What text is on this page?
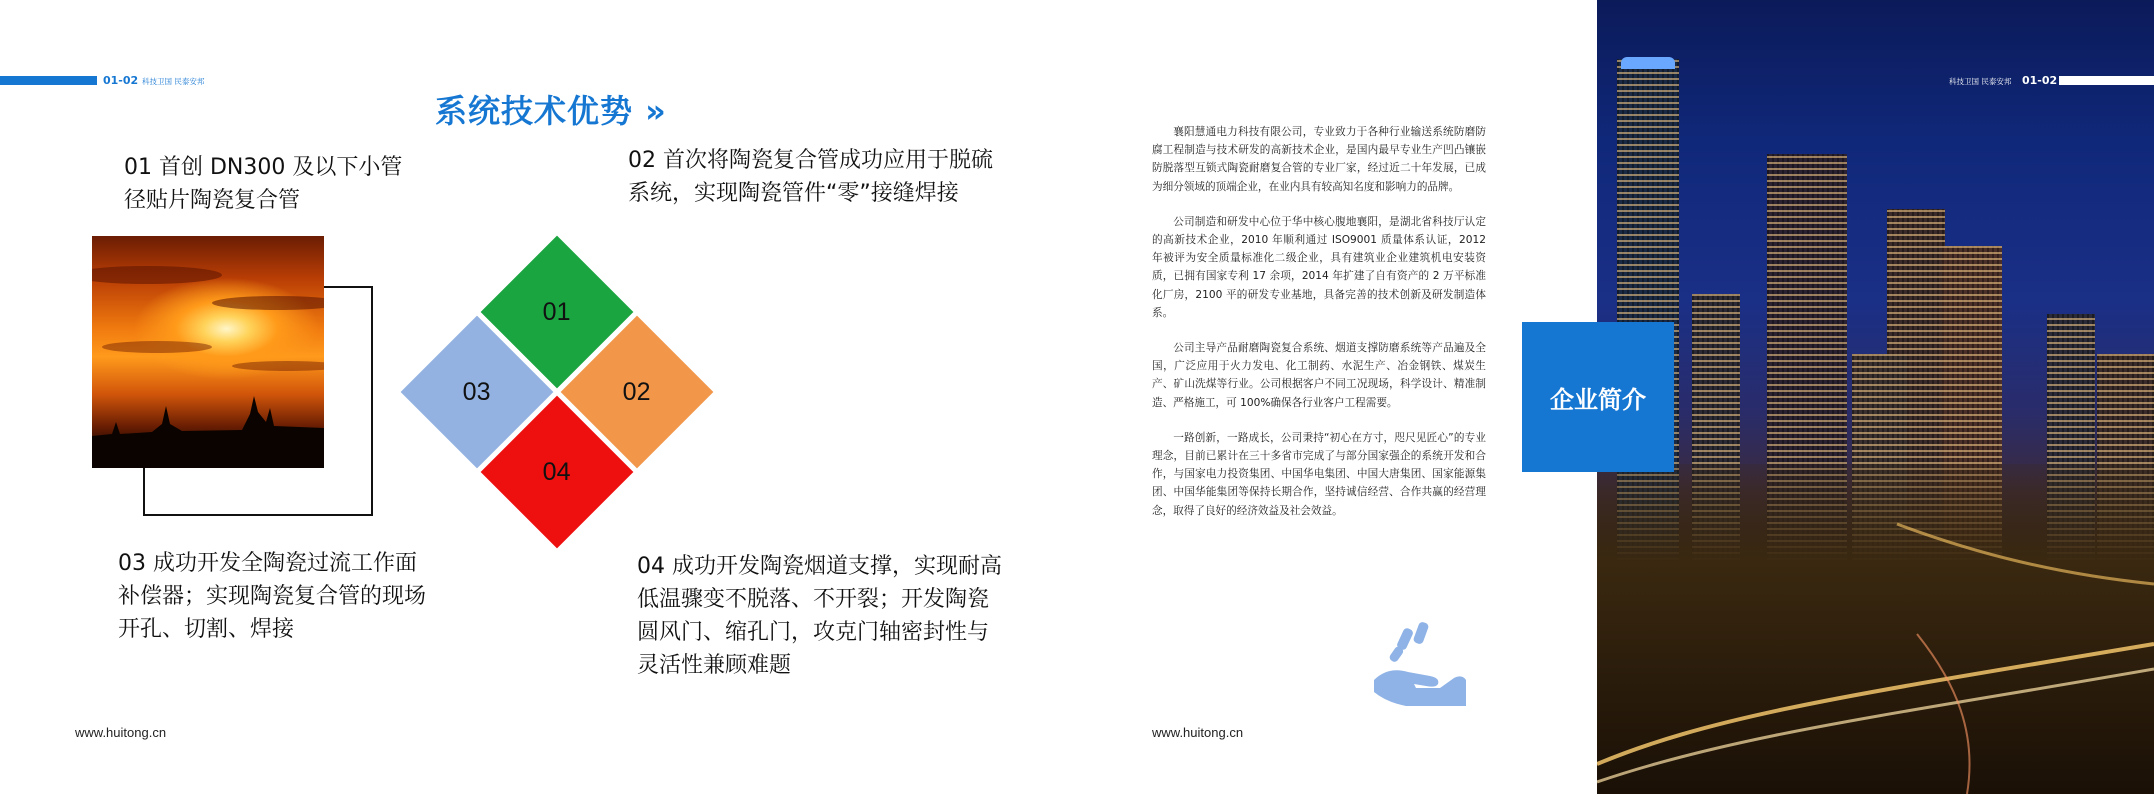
01-02 科技卫国 民泰安邦
系统技术优势 »
01 首创 DN300 及以下小管径贴片陶瓷复合管
02 首次将陶瓷复合管成功应用于脱硫系统，实现陶瓷管件“零”接缝焊接
03 成功开发全陶瓷过流工作面补偿器；实现陶瓷复合管的现场开孔、切割、焊接
04 成功开发陶瓷烟道支撑，实现耐高低温骤变不脱落、不开裂；开发陶瓷圆风门、缩孔门，攻克门轴密封性与灵活性兼顾难题
01
02
03
04
www.huitong.cn	www.huitong.cn

襄阳慧通电力科技有限公司，专业致力于各种行业输送系统防磨防腐工程制造与技术研发的高新技术企业，是国内最早专业生产凹凸镶嵌防脱落型互锁式陶瓷耐磨复合管的专业厂家，经过近二十年发展，已成为细分领域的顶端企业，在业内具有较高知名度和影响力的品牌。

公司制造和研发中心位于华中核心腹地襄阳，是湖北省科技厅认定的高新技术企业，2010 年顺利通过 ISO9001 质量体系认证，2012 年被评为安全质量标准化二级企业，具有建筑业企业建筑机电安装资质，已拥有国家专利 17 余项，2014 年扩建了自有资产的 2 万平标准化厂房，2100 平的研发专业基地，具备完善的技术创新及研发制造体系。

公司主导产品耐磨陶瓷复合系统、烟道支撑防磨系统等产品遍及全国，广泛应用于火力发电、化工制药、水泥生产、冶金钢铁、煤炭生产、矿山洗煤等行业。公司根据客户不同工况现场，科学设计、精准制造、严格施工，可 100%确保各行业客户工程需要。

一路创新，一路成长，公司秉持“初心在方寸，咫尺见匠心”的专业理念，目前已累计在三十多省市完成了与部分国家强企的系统开发和合作，与国家电力投资集团、中国华电集团、中国大唐集团、国家能源集团、中国华能集团等保持长期合作，坚持诚信经营、合作共赢的经营理念，取得了良好的经济效益及社会效益。

01-02
科技卫国 民泰安邦
企业简介
